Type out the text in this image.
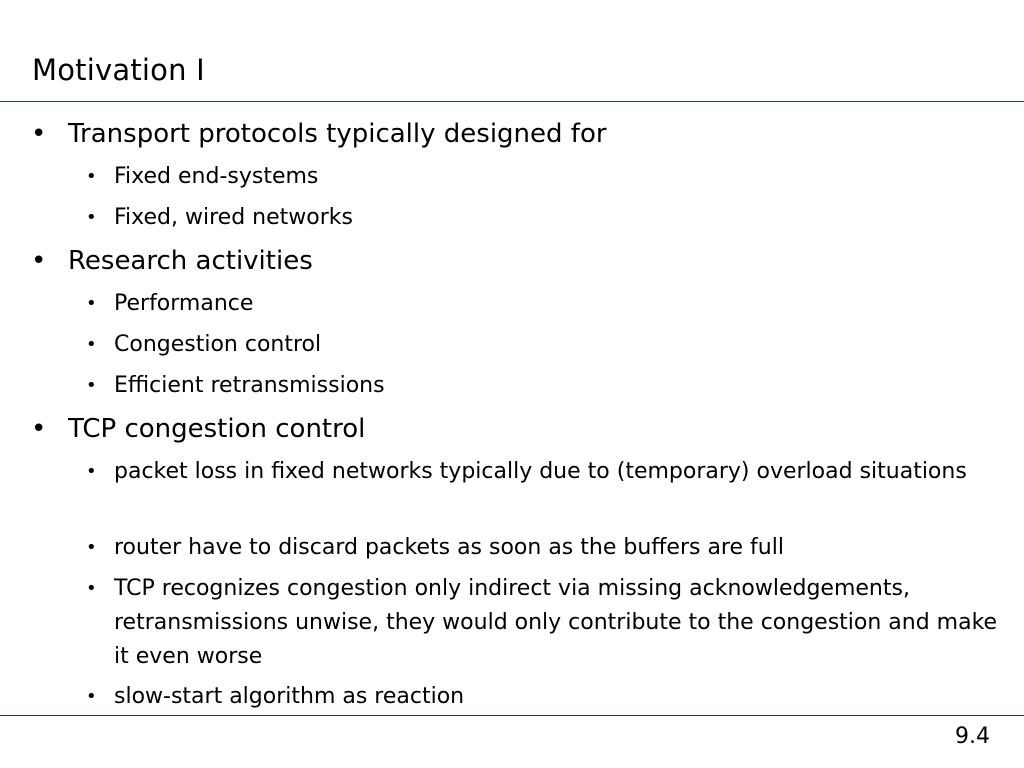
Motivation I
• Transport protocols typically designed for
• Fixed end-systems
• Fixed, wired networks
• Research activities
• Performance
• Congestion control
• Efficient retransmissions
• TCP congestion control
• packet loss in fixed networks typically due to (temporary) overload situations
• router have to discard packets as soon as the buffers are full
• TCP recognizes congestion only indirect via missing acknowledgements, retransmissions unwise, they would only contribute to the congestion and make it even worse
• slow-start algorithm as reaction
9.4
